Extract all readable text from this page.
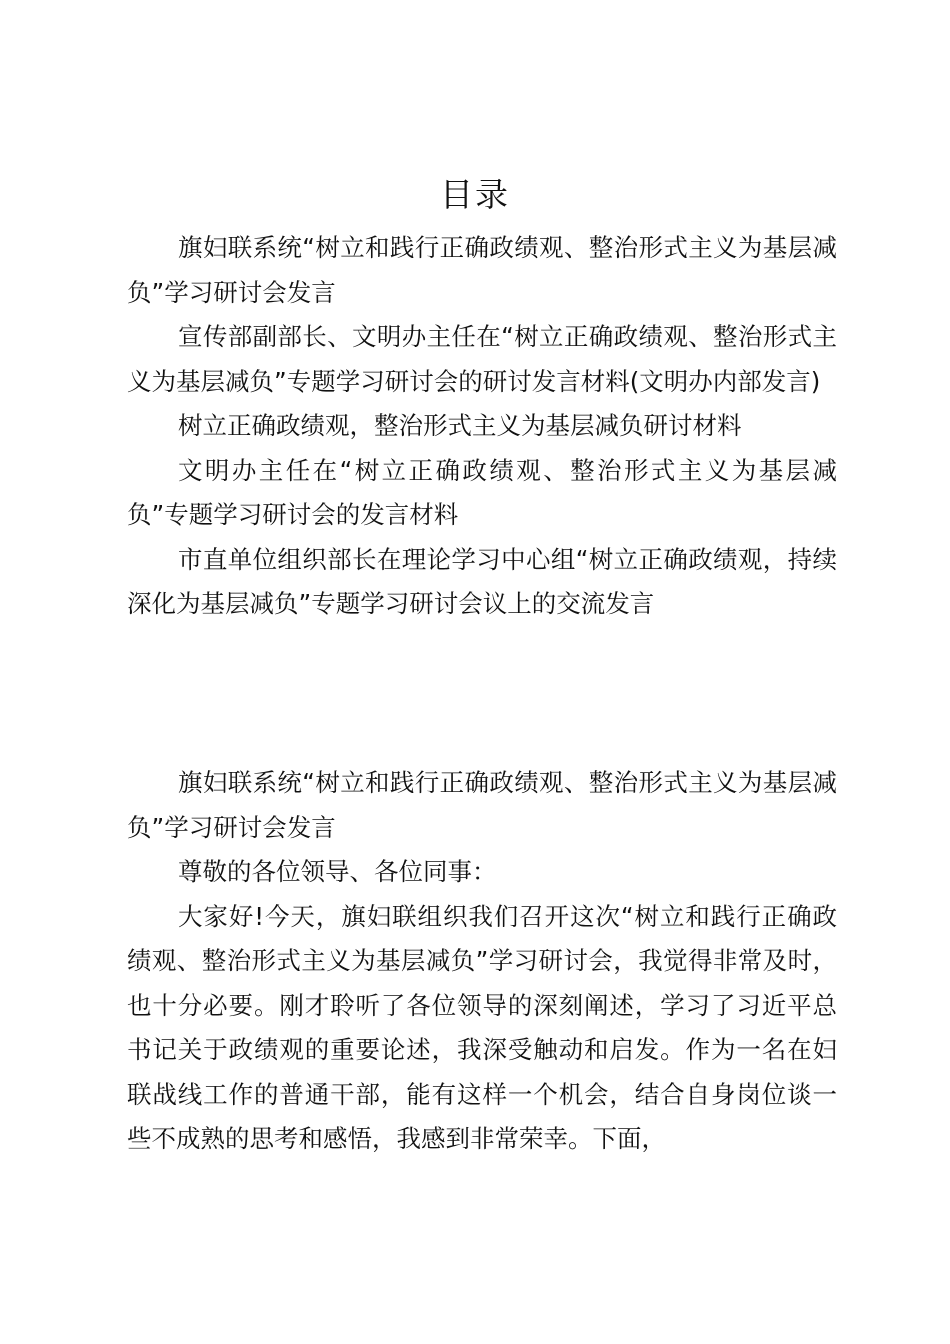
目录

旗妇联系统“树立和践行正确政绩观、整治形式主义为基层减负”学习研讨会发言

宣传部副部长、文明办主任在“树立正确政绩观、整治形式主义为基层减负”专题学习研讨会的研讨发言材料(文明办内部发言)

树立正确政绩观，整治形式主义为基层减负研讨材料

文明办主任在“树立正确政绩观、整治形式主义为基层减负”专题学习研讨会的发言材料

市直单位组织部长在理论学习中心组“树立正确政绩观，持续深化为基层减负”专题学习研讨会议上的交流发言

旗妇联系统“树立和践行正确政绩观、整治形式主义为基层减负”学习研讨会发言

尊敬的各位领导、各位同事：

大家好!今天，旗妇联组织我们召开这次“树立和践行正确政绩观、整治形式主义为基层减负”学习研讨会，我觉得非常及时，也十分必要。刚才聆听了各位领导的深刻阐述，学习了习近平总书记关于政绩观的重要论述，我深受触动和启发。作为一名在妇联战线工作的普通干部，能有这样一个机会，结合自身岗位谈一些不成熟的思考和感悟，我感到非常荣幸。下面，
